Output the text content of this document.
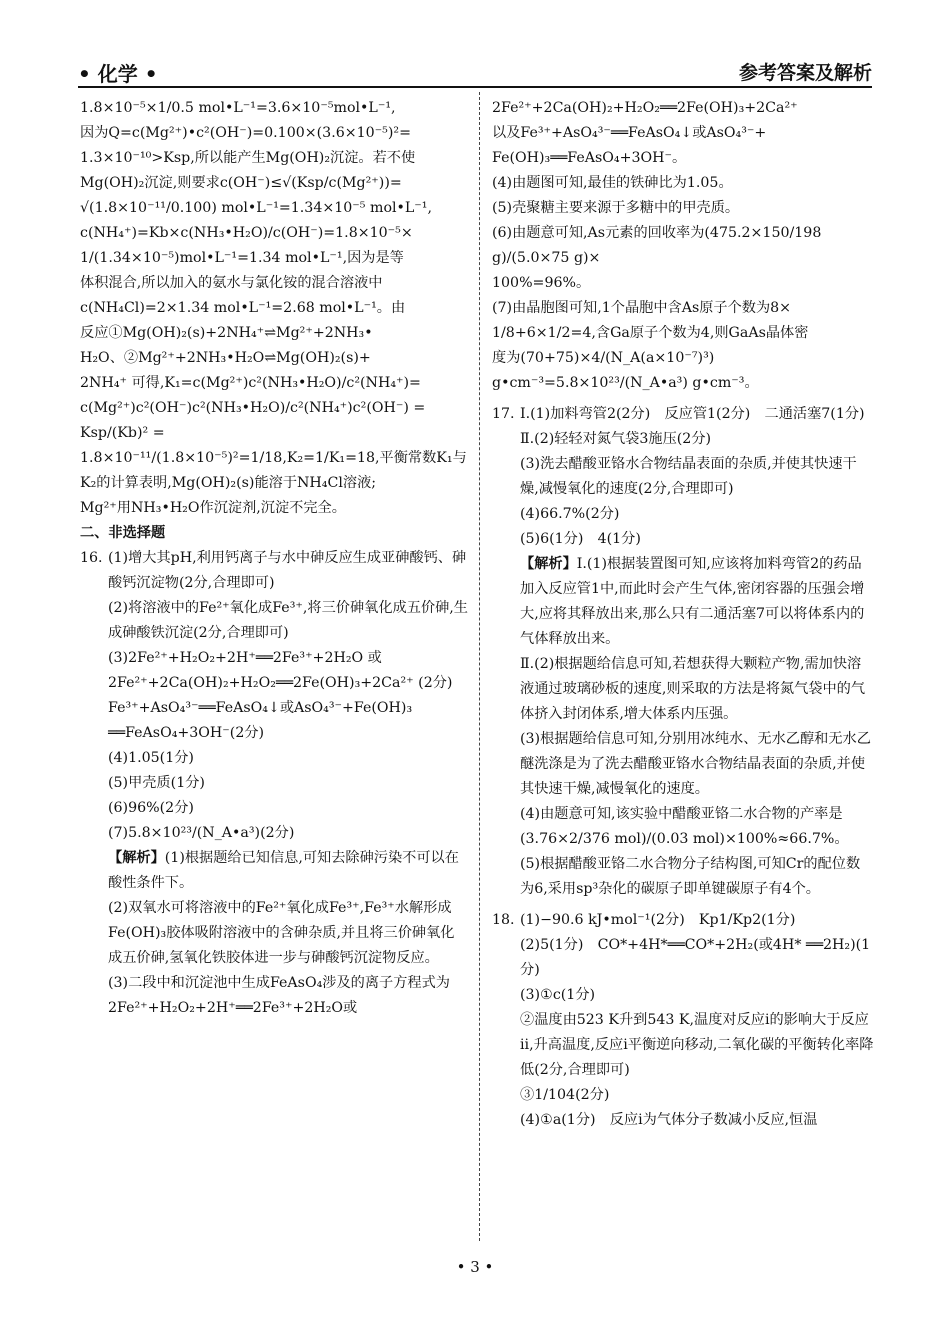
• 化学 •	参考答案及解析

1.8×10⁻⁵×1/0.5 mol•L⁻¹=3.6×10⁻⁵mol•L⁻¹,

因为Q=c(Mg²⁺)•c²(OH⁻)=0.100×(3.6×10⁻⁵)²=

1.3×10⁻¹⁰>Ksp,所以能产生Mg(OH)₂沉淀。若不使

Mg(OH)₂沉淀,则要求c(OH⁻)≤√(Ksp/c(Mg²⁺))=

√(1.8×10⁻¹¹/0.100) mol•L⁻¹=1.34×10⁻⁵ mol•L⁻¹,

c(NH₄⁺)=Kb×c(NH₃•H₂O)/c(OH⁻)=1.8×10⁻⁵×

1/(1.34×10⁻⁵)mol•L⁻¹=1.34 mol•L⁻¹,因为是等

体积混合,所以加入的氨水与氯化铵的混合溶液中

c(NH₄Cl)=2×1.34 mol•L⁻¹=2.68 mol•L⁻¹。由

反应①Mg(OH)₂(s)+2NH₄⁺⇌Mg²⁺+2NH₃•

H₂O、②Mg²⁺+2NH₃•H₂O⇌Mg(OH)₂(s)+

2NH₄⁺ 可得,K₁=c(Mg²⁺)c²(NH₃•H₂O)/c²(NH₄⁺)=

c(Mg²⁺)c²(OH⁻)c²(NH₃•H₂O)/c²(NH₄⁺)c²(OH⁻) = Ksp/(Kb)² =

1.8×10⁻¹¹/(1.8×10⁻⁵)²=1/18,K₂=1/K₁=18,平衡常数K₁与

K₂的计算表明,Mg(OH)₂(s)能溶于NH₄Cl溶液;

Mg²⁺用NH₃•H₂O作沉淀剂,沉淀不完全。

二、非选择题

16. (1)增大其pH,利用钙离子与水中砷反应生成亚砷酸钙、砷酸钙沉淀物(2分,合理即可)

(2)将溶液中的Fe²⁺氧化成Fe³⁺,将三价砷氧化成五价砷,生成砷酸铁沉淀(2分,合理即可)

(3)2Fe²⁺+H₂O₂+2H⁺══2Fe³⁺+2H₂O 或 2Fe²⁺+2Ca(OH)₂+H₂O₂══2Fe(OH)₃+2Ca²⁺ (2分)

Fe³⁺+AsO₄³⁻══FeAsO₄↓或AsO₄³⁻+Fe(OH)₃ ══FeAsO₄+3OH⁻(2分)

(4)1.05(1分)

(5)甲壳质(1分)

(6)96%(2分)

(7)5.8×10²³/(N_A•a³)(2分)

【解析】(1)根据题给已知信息,可知去除砷污染不可以在酸性条件下。

(2)双氧水可将溶液中的Fe²⁺氧化成Fe³⁺,Fe³⁺水解形成Fe(OH)₃胶体吸附溶液中的含砷杂质,并且将三价砷氧化成五价砷,氢氧化铁胶体进一步与砷酸钙沉淀物反应。

(3)二段中和沉淀池中生成FeAsO₄涉及的离子方程式为2Fe²⁺+H₂O₂+2H⁺══2Fe³⁺+2H₂O或

2Fe²⁺+2Ca(OH)₂+H₂O₂══2Fe(OH)₃+2Ca²⁺

以及Fe³⁺+AsO₄³⁻══FeAsO₄↓或AsO₄³⁻+

Fe(OH)₃══FeAsO₄+3OH⁻。

(4)由题图可知,最佳的铁砷比为1.05。

(5)壳聚糖主要来源于多糖中的甲壳质。

(6)由题意可知,As元素的回收率为(475.2×150/198 g)/(5.0×75 g)×

100%=96%。

(7)由晶胞图可知,1个晶胞中含As原子个数为8×

1/8+6×1/2=4,含Ga原子个数为4,则GaAs晶体密

度为(70+75)×4/(N_A(a×10⁻⁷)³) g•cm⁻³=5.8×10²³/(N_A•a³) g•cm⁻³。

17. Ⅰ.(1)加料弯管2(2分)　反应管1(2分)　二通活塞7(1分)

Ⅱ.(2)轻轻对氮气袋3施压(2分)

(3)洗去醋酸亚铬水合物结晶表面的杂质,并使其快速干燥,减慢氧化的速度(2分,合理即可)

(4)66.7%(2分)

(5)6(1分)　4(1分)

【解析】Ⅰ.(1)根据装置图可知,应该将加料弯管2的药品加入反应管1中,而此时会产生气体,密闭容器的压强会增大,应将其释放出来,那么只有二通活塞7可以将体系内的气体释放出来。

Ⅱ.(2)根据题给信息可知,若想获得大颗粒产物,需加快溶液通过玻璃砂板的速度,则采取的方法是将氮气袋中的气体挤入封闭体系,增大体系内压强。

(3)根据题给信息可知,分别用冰纯水、无水乙醇和无水乙醚洗涤是为了洗去醋酸亚铬水合物结晶表面的杂质,并使其快速干燥,减慢氧化的速度。

(4)由题意可知,该实验中醋酸亚铬二水合物的产率是(3.76×2/376 mol)/(0.03 mol)×100%≈66.7%。

(5)根据醋酸亚铬二水合物分子结构图,可知Cr的配位数为6,采用sp³杂化的碳原子即单键碳原子有4个。

18. (1)−90.6 kJ•mol⁻¹(2分)　Kp1/Kp2(1分)

(2)5(1分)　CO*+4H*══CO*+2H₂(或4H* ══2H₂)(1分)

(3)①c(1分)

②温度由523 K升到543 K,温度对反应ⅰ的影响大于反应ⅱ,升高温度,反应ⅰ平衡逆向移动,二氧化碳的平衡转化率降低(2分,合理即可)

③1/104(2分)

(4)①a(1分)　反应ⅰ为气体分子数减小反应,恒温

• 3 •
